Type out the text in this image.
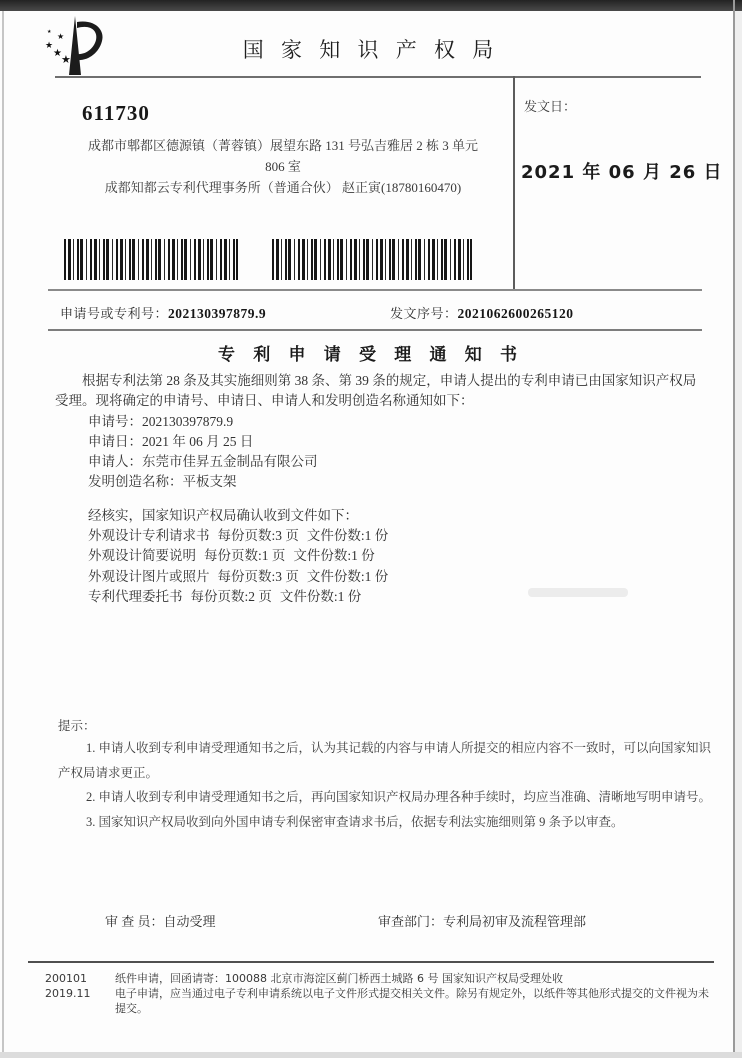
★
★
★
★
★
国 家 知 识 产 权 局
611730
成都市郫都区德源镇（菁蓉镇）展望东路 131 号弘吉雅居 2 栋 3 单元
806 室
成都知都云专利代理事务所（普通合伙） 赵正寅(18780160470)
发文日：
2021 年 06 月 26 日
申请号或专利号：202130397879.9	发文序号：2021062600265120
专 利 申 请 受 理 通 知 书
根据专利法第 28 条及其实施细则第 38 条、第 39 条的规定，申请人提出的专利申请已由国家知识产权局受理。现将确定的申请号、申请日、申请人和发明创造名称通知如下：
申请号：202130397879.9
申请日：2021 年 06 月 25 日
申请人：东莞市佳昇五金制品有限公司
发明创造名称：平板支架
经核实，国家知识产权局确认收到文件如下：
外观设计专利请求书 每份页数:3 页 文件份数:1 份
外观设计简要说明 每份页数:1 页 文件份数:1 份
外观设计图片或照片 每份页数:3 页 文件份数:1 份
专利代理委托书 每份页数:2 页 文件份数:1 份
提示：

1. 申请人收到专利申请受理通知书之后，认为其记载的内容与申请人所提交的相应内容不一致时，可以向国家知识产权局请求更正。

2. 申请人收到专利申请受理通知书之后，再向国家知识产权局办理各种手续时，均应当准确、清晰地写明申请号。

3. 国家知识产权局收到向外国申请专利保密审查请求书后，依据专利法实施细则第 9 条予以审查。

审 查 员：自动受理	审查部门：专利局初审及流程管理部
200101
2019.11

纸件申请，回函请寄：100088 北京市海淀区蓟门桥西土城路 6 号 国家知识产权局受理处收

电子申请，应当通过电子专利申请系统以电子文件形式提交相关文件。除另有规定外，以纸件等其他形式提交的文件视为未提交。
